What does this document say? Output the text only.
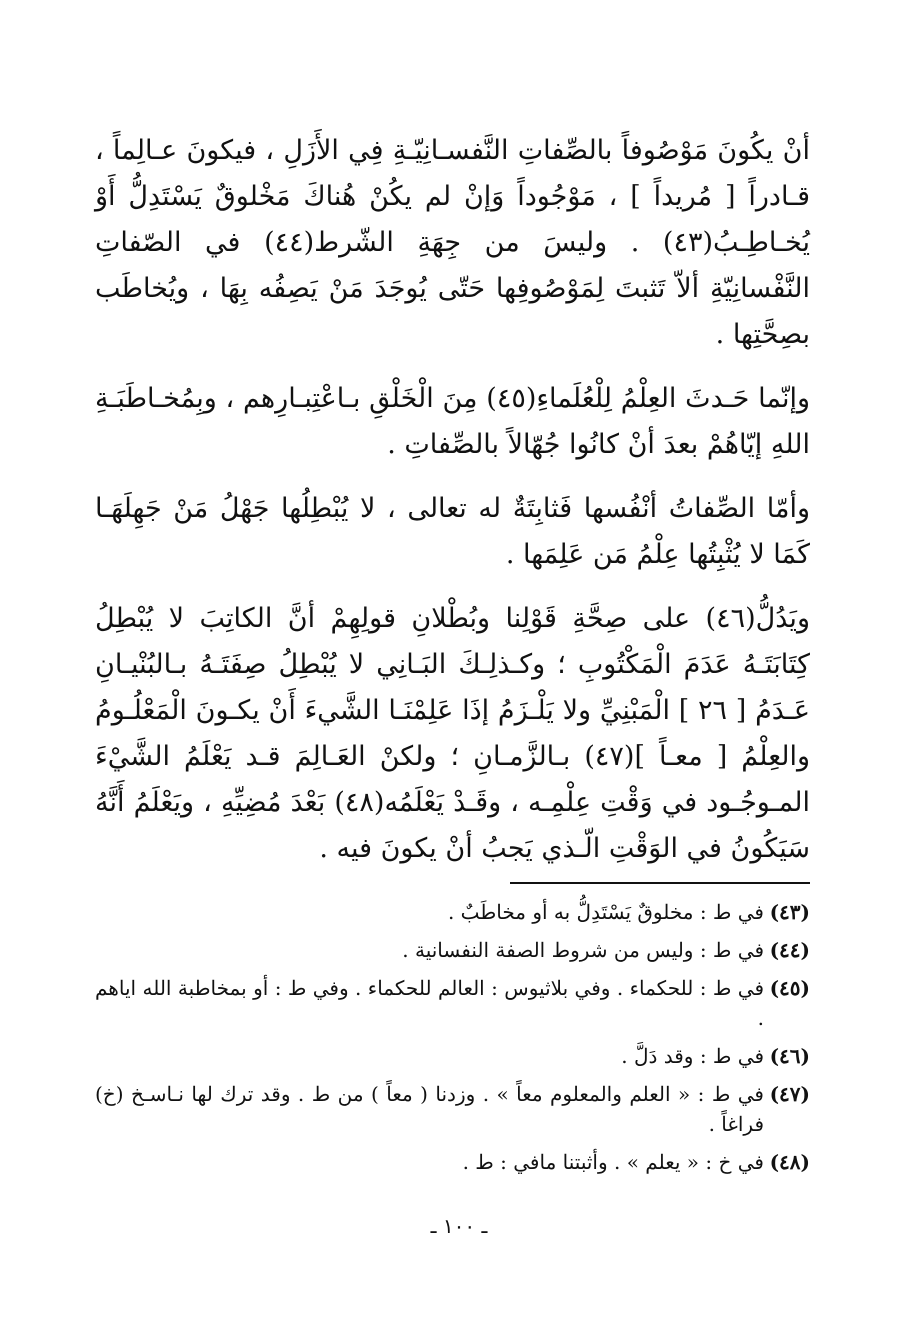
أنْ يكُونَ مَوْصُوفاً بالصِّفاتِ النَّفسـانِيّـةِ فِي الأَزَلِ ، فيكونَ عـالِماً ، قـادراً [ مُريداً ] ، مَوْجُوداً وَإنْ لم يكُنْ هُناكَ مَخْلوقٌ يَسْتَدِلُّ أَوْ يُخـاطِـبُ(٤٣) . وليسَ من جِهَةِ الشّرط(٤٤) في الصّفاتِ النَّفْسانِيّةِ ألاّ تَثبتَ لِمَوْصُوفِها حَتّى يُوجَدَ مَنْ يَصِفُه بِهَا ، ويُخاطَب بصِحَّتِها .

وإنّما حَـدثَ العِلْمُ لِلْعُلَماءِ(٤٥) مِنَ الْخَلْقِ بـاعْتِبـارِهم ، وبِمُخـاطَبَـةِ اللهِ إيّاهُمْ بعدَ أنْ كانُوا جُهّالاً بالصِّفاتِ .

وأمّا الصِّفاتُ أنْفُسها فَثابِتَةٌ له تعالى ، لا يُبْطِلُها جَهْلُ مَنْ جَهِلَهَـا كَمَا لا يُثْبِتُها عِلْمُ مَن عَلِمَها .

ويَدُلُّ(٤٦) على صِحَّةِ قَوْلِنا وبُطْلانِ قولِهِمْ أنَّ الكاتِبَ لا يُبْطِلُ كِتَابَتَـهُ عَدَمَ الْمَكْتُوبِ ؛ وكـذلِـكَ البَـانِي لا يُبْطِلُ صِفَتَـهُ بـالبُنْيـانِ عَـدَمُ [ ٢٦ ] الْمَبْنِيِّ ولا يَلْـزَمُ إذَا عَلِمْنَـا الشَّيءَ أَنْ يكـونَ الْمَعْلُـومُ والعِلْمُ [ معـاً ](٤٧) بـالزَّمـانِ ؛ ولكنْ العَـالِمَ قـد يَعْلَمُ الشَّيْءَ المـوجُـود في وَقْتِ عِلْمِـه ، وقَـدْ يَعْلَمُه(٤٨) بَعْدَ مُضِيِّهِ ، ويَعْلَمُ أَنَّهُ سَيَكُونُ في الوَقْتِ الّـذي يَجبُ أنْ يكونَ فيه .

(٤٣)
في ط : مخلوقٌ يَسْتَدِلُّ به أو مخاطَبٌ .
(٤٤)
في ط : وليس من شروط الصفة النفسانية .
(٤٥)
في ط : للحكماء . وفي بلاثيوس : العالم للحكماء . وفي ط : أو بمخاطبة الله اياهم .
(٤٦)
في ط : وقد دَلَّ .
(٤٧)
في ط : « العلم والمعلوم معاً » . وزدنا ( معاً ) من ط . وقد ترك لها نـاسـخ (خ) فراغاً .
(٤٨)
في خ : « يعلم » . وأثبتنا مافي : ط .
ـ ١٠٠ ـ
